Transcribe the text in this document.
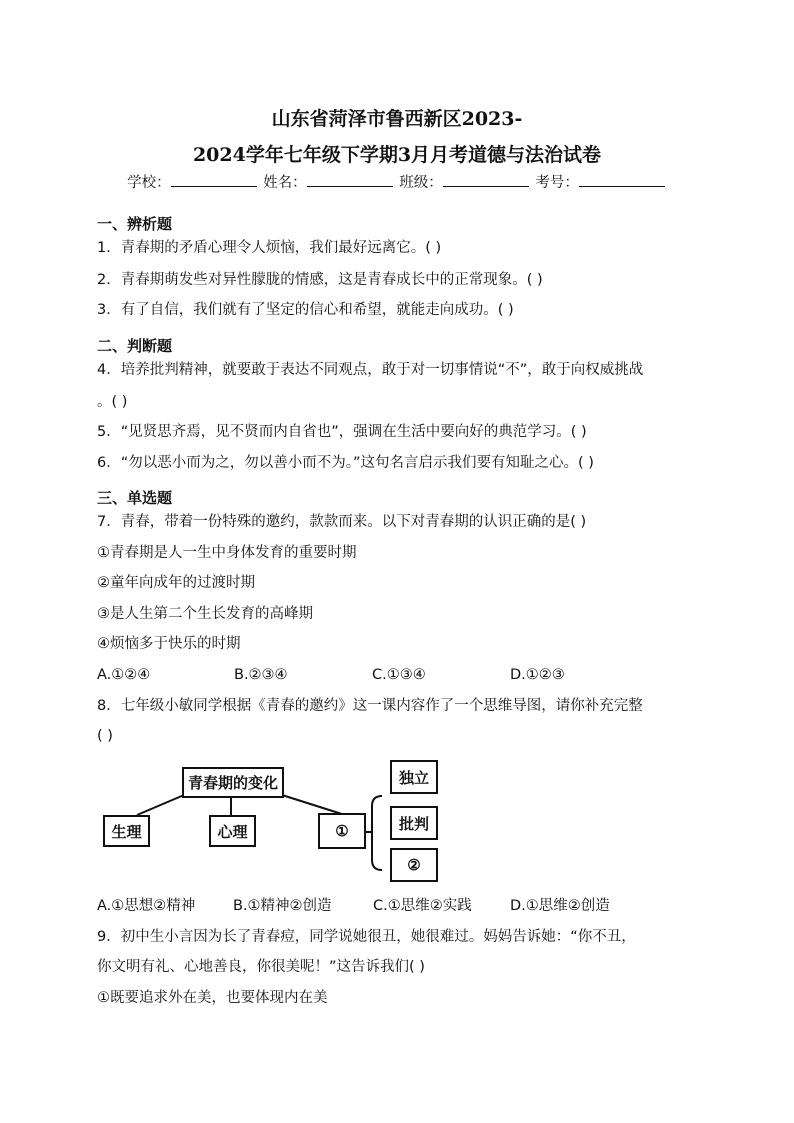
山东省菏泽市鲁西新区2023-
2024学年七年级下学期3月月考道德与法治试卷
学校：	姓名：	班级：	考号：
一、辨析题
1．青春期的矛盾心理令人烦恼，我们最好远离它。( )
2．青春期萌发些对异性朦胧的情感，这是青春成长中的正常现象。( )
3．有了自信，我们就有了坚定的信心和希望，就能走向成功。( )
二、判断题
4．培养批判精神，就要敢于表达不同观点，敢于对一切事情说“不”，敢于向权威挑战
。( )
5．“见贤思齐焉，见不贤而内自省也”，强调在生活中要向好的典范学习。( )
6．“勿以恶小而为之，勿以善小而不为。”这句名言启示我们要有知耻之心。( )
三、单选题
7．青春，带着一份特殊的邀约，款款而来。以下对青春期的认识正确的是( )
①青春期是人一生中身体发育的重要时期
②童年向成年的过渡时期
③是人生第二个生长发育的高峰期
④烦恼多于快乐的时期
A.①②④	B.②③④	C.①③④	D.①②③
8．七年级小敏同学根据《青春的邀约》这一课内容作了一个思维导图，请你补充完整
( )
青春期的变化
生理	心理	①
独立
批判
②
A.①思想②精神	B.①精神②创造	C.①思维②实践	D.①思维②创造
9．初中生小言因为长了青春痘，同学说她很丑，她很难过。妈妈告诉她：“你不丑，
你文明有礼、心地善良，你很美呢！”这告诉我们( )
①既要追求外在美，也要体现内在美
